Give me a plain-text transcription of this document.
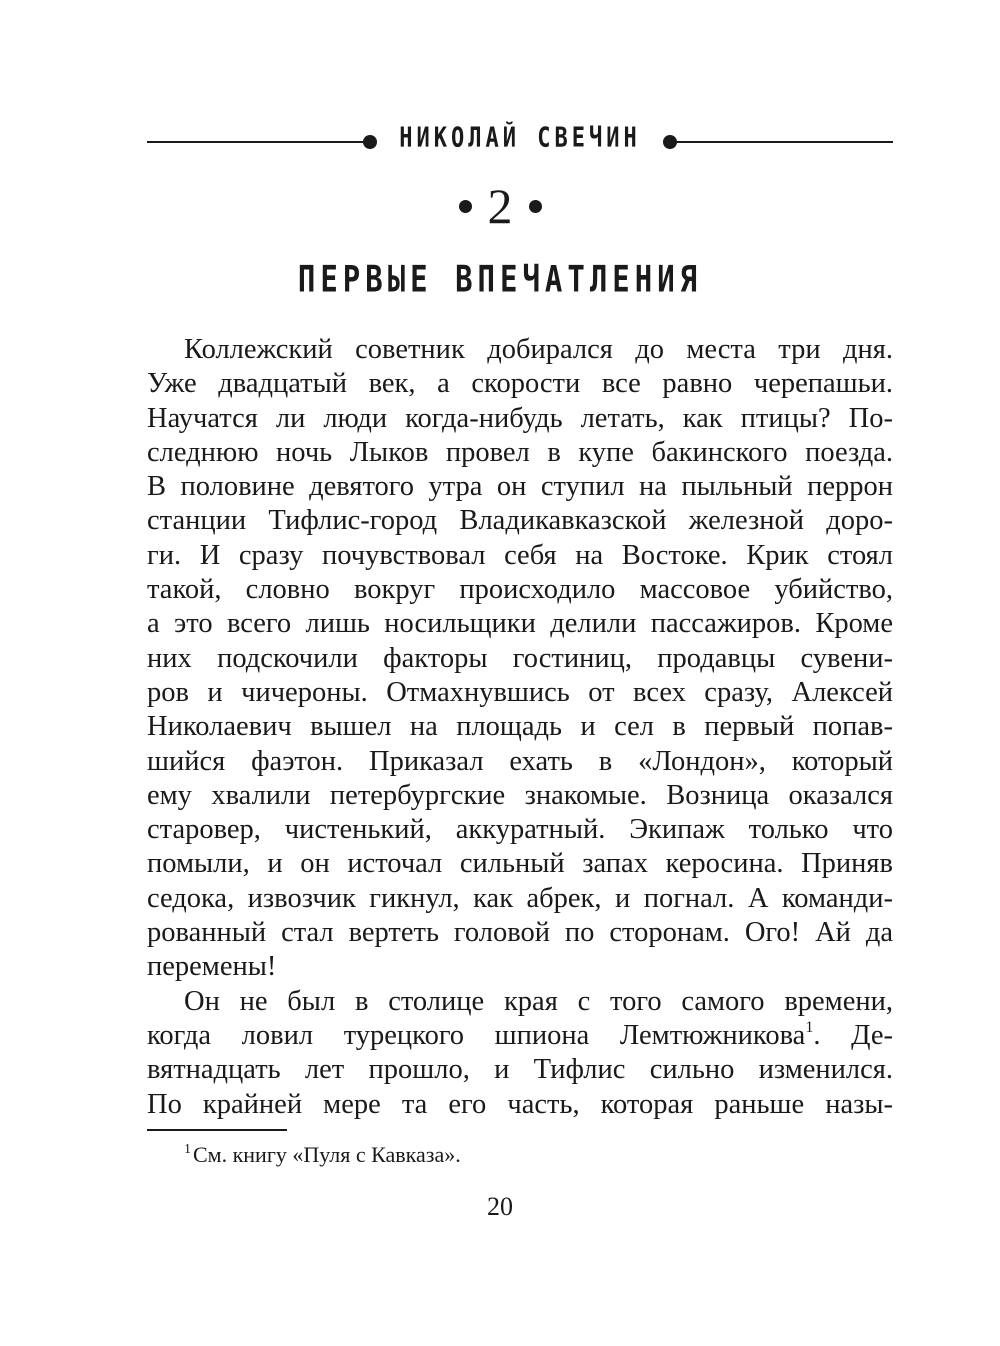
НИКОЛАЙ СВЕЧИН
2
ПЕРВЫЕ ВПЕЧАТЛЕНИЯ
Коллежский советник добирался до места три дня.
Уже двадцатый век, а скорости все равно черепашьи.
Научатся ли люди когда-нибудь летать, как птицы? По-
следнюю ночь Лыков провел в купе бакинского поезда.
В половине девятого утра он ступил на пыльный перрон
станции Тифлис-город Владикавказской железной доро-
ги. И сразу почувствовал себя на Востоке. Крик стоял
такой, словно вокруг происходило массовое убийство,
а это всего лишь носильщики делили пассажиров. Кроме
них подскочили факторы гостиниц, продавцы сувени-
ров и чичероны. Отмахнувшись от всех сразу, Алексей
Николаевич вышел на площадь и сел в первый попав-
шийся фаэтон. Приказал ехать в «Лондон», который
ему хвалили петербургские знакомые. Возница оказался
старовер, чистенький, аккуратный. Экипаж только что
помыли, и он источал сильный запах керосина. Приняв
седока, извозчик гикнул, как абрек, и погнал. А команди-
рованный стал вертеть головой по сторонам. Ого! Ай да
перемены!
Он не был в столице края с того самого времени,
когда ловил турецкого шпиона Лемтюжникова$^1$. Де-
вятнадцать лет прошло, и Тифлис сильно изменился.
По крайней мере та его часть, которая раньше назы-
$^1$См. книгу «Пуля с Кавказа».
20
